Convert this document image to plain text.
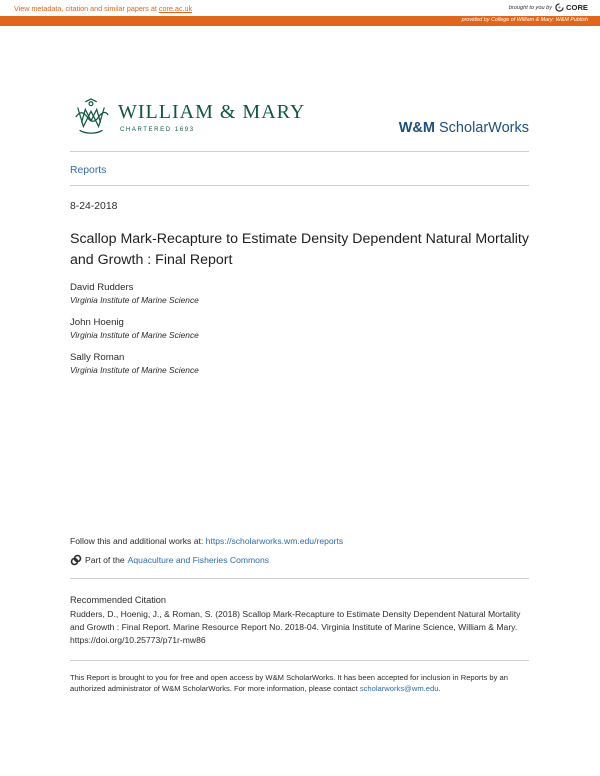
View metadata, citation and similar papers at core.ac.uk	brought to you by CORE
provided by College of William & Mary: W&M Publish
WILLIAM & MARY
CHARTERED 1693	W&M ScholarWorks
Reports
8-24-2018
Scallop Mark-Recapture to Estimate Density Dependent Natural Mortality and Growth : Final Report
David Rudders
Virginia Institute of Marine Science
John Hoenig
Virginia Institute of Marine Science
Sally Roman
Virginia Institute of Marine Science
Follow this and additional works at: https://scholarworks.wm.edu/reports
Part of the Aquaculture and Fisheries Commons
Recommended Citation
Rudders, D., Hoenig, J., & Roman, S. (2018) Scallop Mark-Recapture to Estimate Density Dependent Natural Mortality and Growth : Final Report. Marine Resource Report No. 2018-04. Virginia Institute of Marine Science, William & Mary. https://doi.org/10.25773/p71r-mw86
This Report is brought to you for free and open access by W&M ScholarWorks. It has been accepted for inclusion in Reports by an authorized administrator of W&M ScholarWorks. For more information, please contact scholarworks@wm.edu.
